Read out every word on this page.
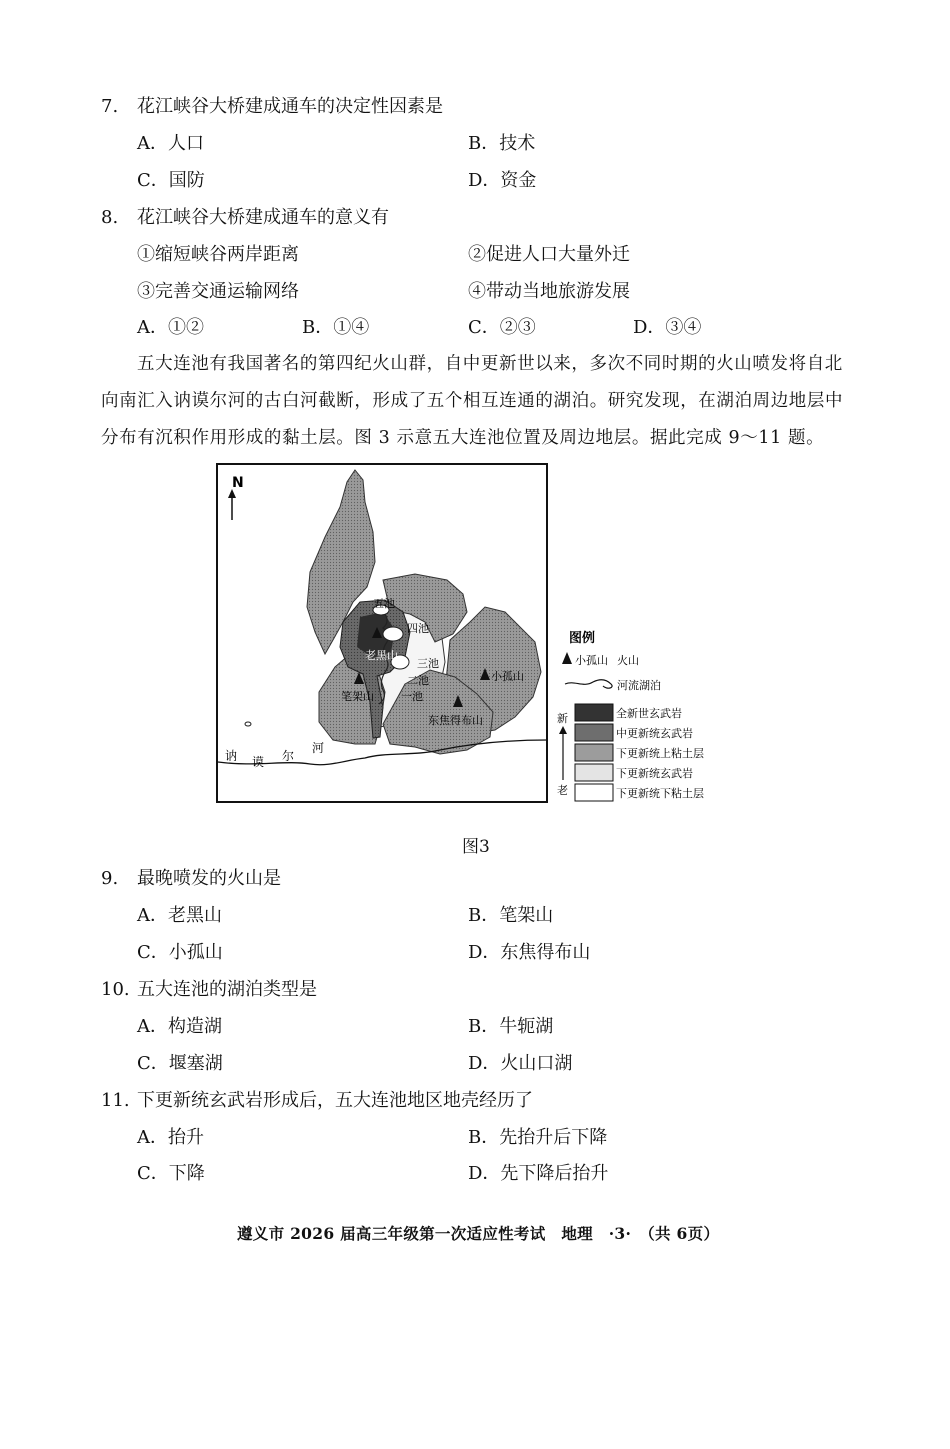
7. 花江峡谷大桥建成通车的决定性因素是
A．人口	B．技术
C．国防	D．资金
8. 花江峡谷大桥建成通车的意义有
①缩短峡谷两岸距离	②促进人口大量外迁
③完善交通运输网络	④带动当地旅游发展
A．①②	B．①④	C．②③	D．③④
五大连池有我国著名的第四纪火山群，自中更新世以来，多次不同时期的火山喷发将自北
向南汇入讷谟尔河的古白河截断，形成了五个相互连通的湖泊。研究发现，在湖泊周边地层中
分布有沉积作用形成的黏土层。图 3 示意五大连池位置及周边地层。据此完成 9～11 题。
N
五池
四池
三池
二池
一池
老黑山
笔架山
小孤山
东焦得布山
讷 谟 尔
河
图例
小孤山 火山
河流湖泊
新
老
全新世玄武岩
中更新统玄武岩
下更新统上粘土层
下更新统玄武岩
下更新统下粘土层
图3
9. 最晚喷发的火山是
A．老黑山	B．笔架山
C．小孤山	D．东焦得布山
10. 五大连池的湖泊类型是
A．构造湖	B．牛轭湖
C．堰塞湖	D．火山口湖
11. 下更新统玄武岩形成后，五大连池地区地壳经历了
A．抬升	B．先抬升后下降
C．下降	D．先下降后抬升
遵义市 2026 届高三年级第一次适应性考试　地理　·3·　（共 6页）
